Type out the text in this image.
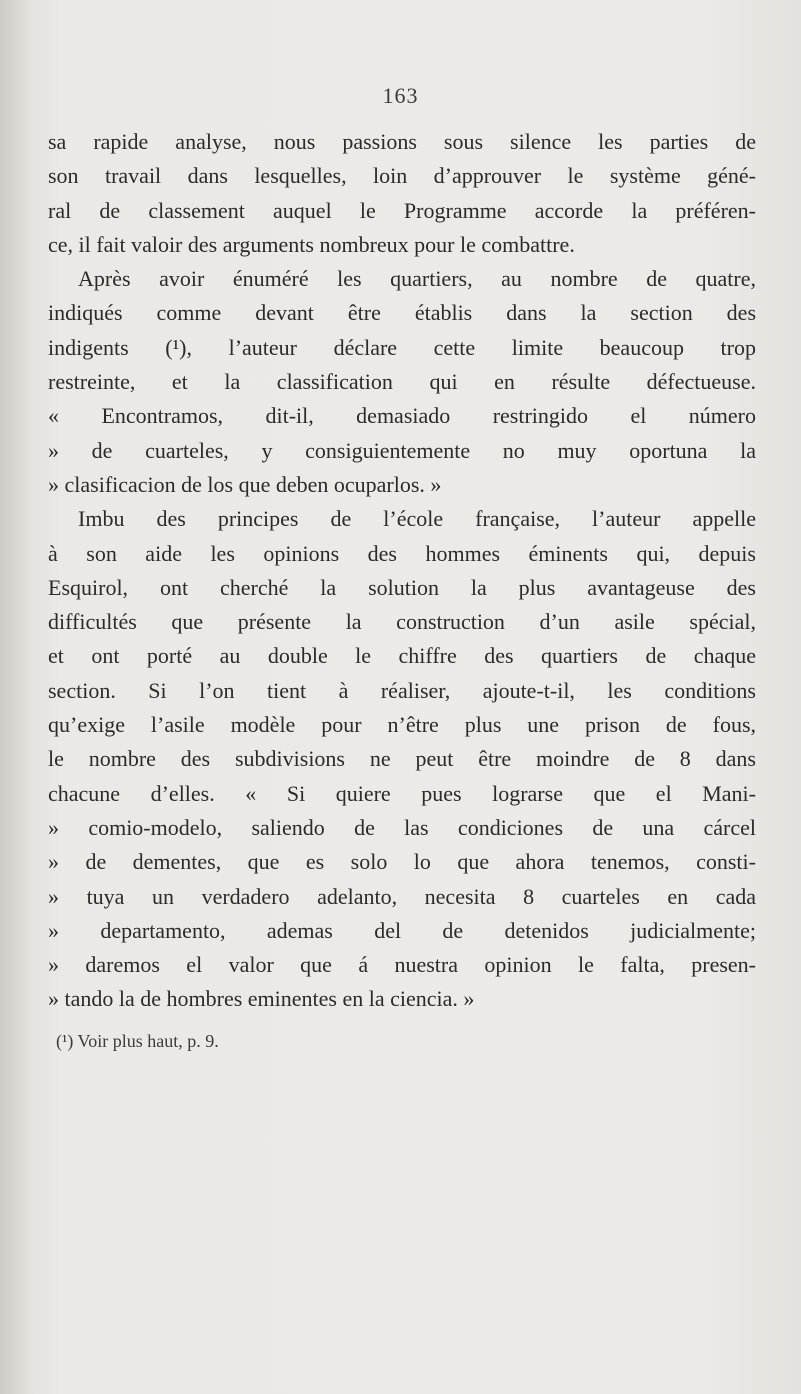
163
sa rapide analyse, nous passions sous silence les parties de
son travail dans lesquelles, loin d’approuver le système géné-
ral de classement auquel le Programme accorde la préféren-
ce, il fait valoir des arguments nombreux pour le combattre.
Après avoir énuméré les quartiers, au nombre de quatre,
indiqués comme devant être établis dans la section des
indigents (¹), l’auteur déclare cette limite beaucoup trop
restreinte, et la classification qui en résulte défectueuse.
« Encontramos, dit-il, demasiado restringido el número
» de cuarteles, y consiguientemente no muy oportuna la
» clasificacion de los que deben ocuparlos. »
Imbu des principes de l’école française, l’auteur appelle
à son aide les opinions des hommes éminents qui, depuis
Esquirol, ont cherché la solution la plus avantageuse des
difficultés que présente la construction d’un asile spécial,
et ont porté au double le chiffre des quartiers de chaque
section. Si l’on tient à réaliser, ajoute-t-il, les conditions
qu’exige l’asile modèle pour n’être plus une prison de fous,
le nombre des subdivisions ne peut être moindre de 8 dans
chacune d’elles. « Si quiere pues lograrse que el Mani-
» comio-modelo, saliendo de las condiciones de una cárcel
» de dementes, que es solo lo que ahora tenemos, consti-
» tuya un verdadero adelanto, necesita 8 cuarteles en cada
» departamento, ademas del de detenidos judicialmente;
» daremos el valor que á nuestra opinion le falta, presen-
» tando la de hombres eminentes en la ciencia. »
(¹) Voir plus haut, p. 9.
